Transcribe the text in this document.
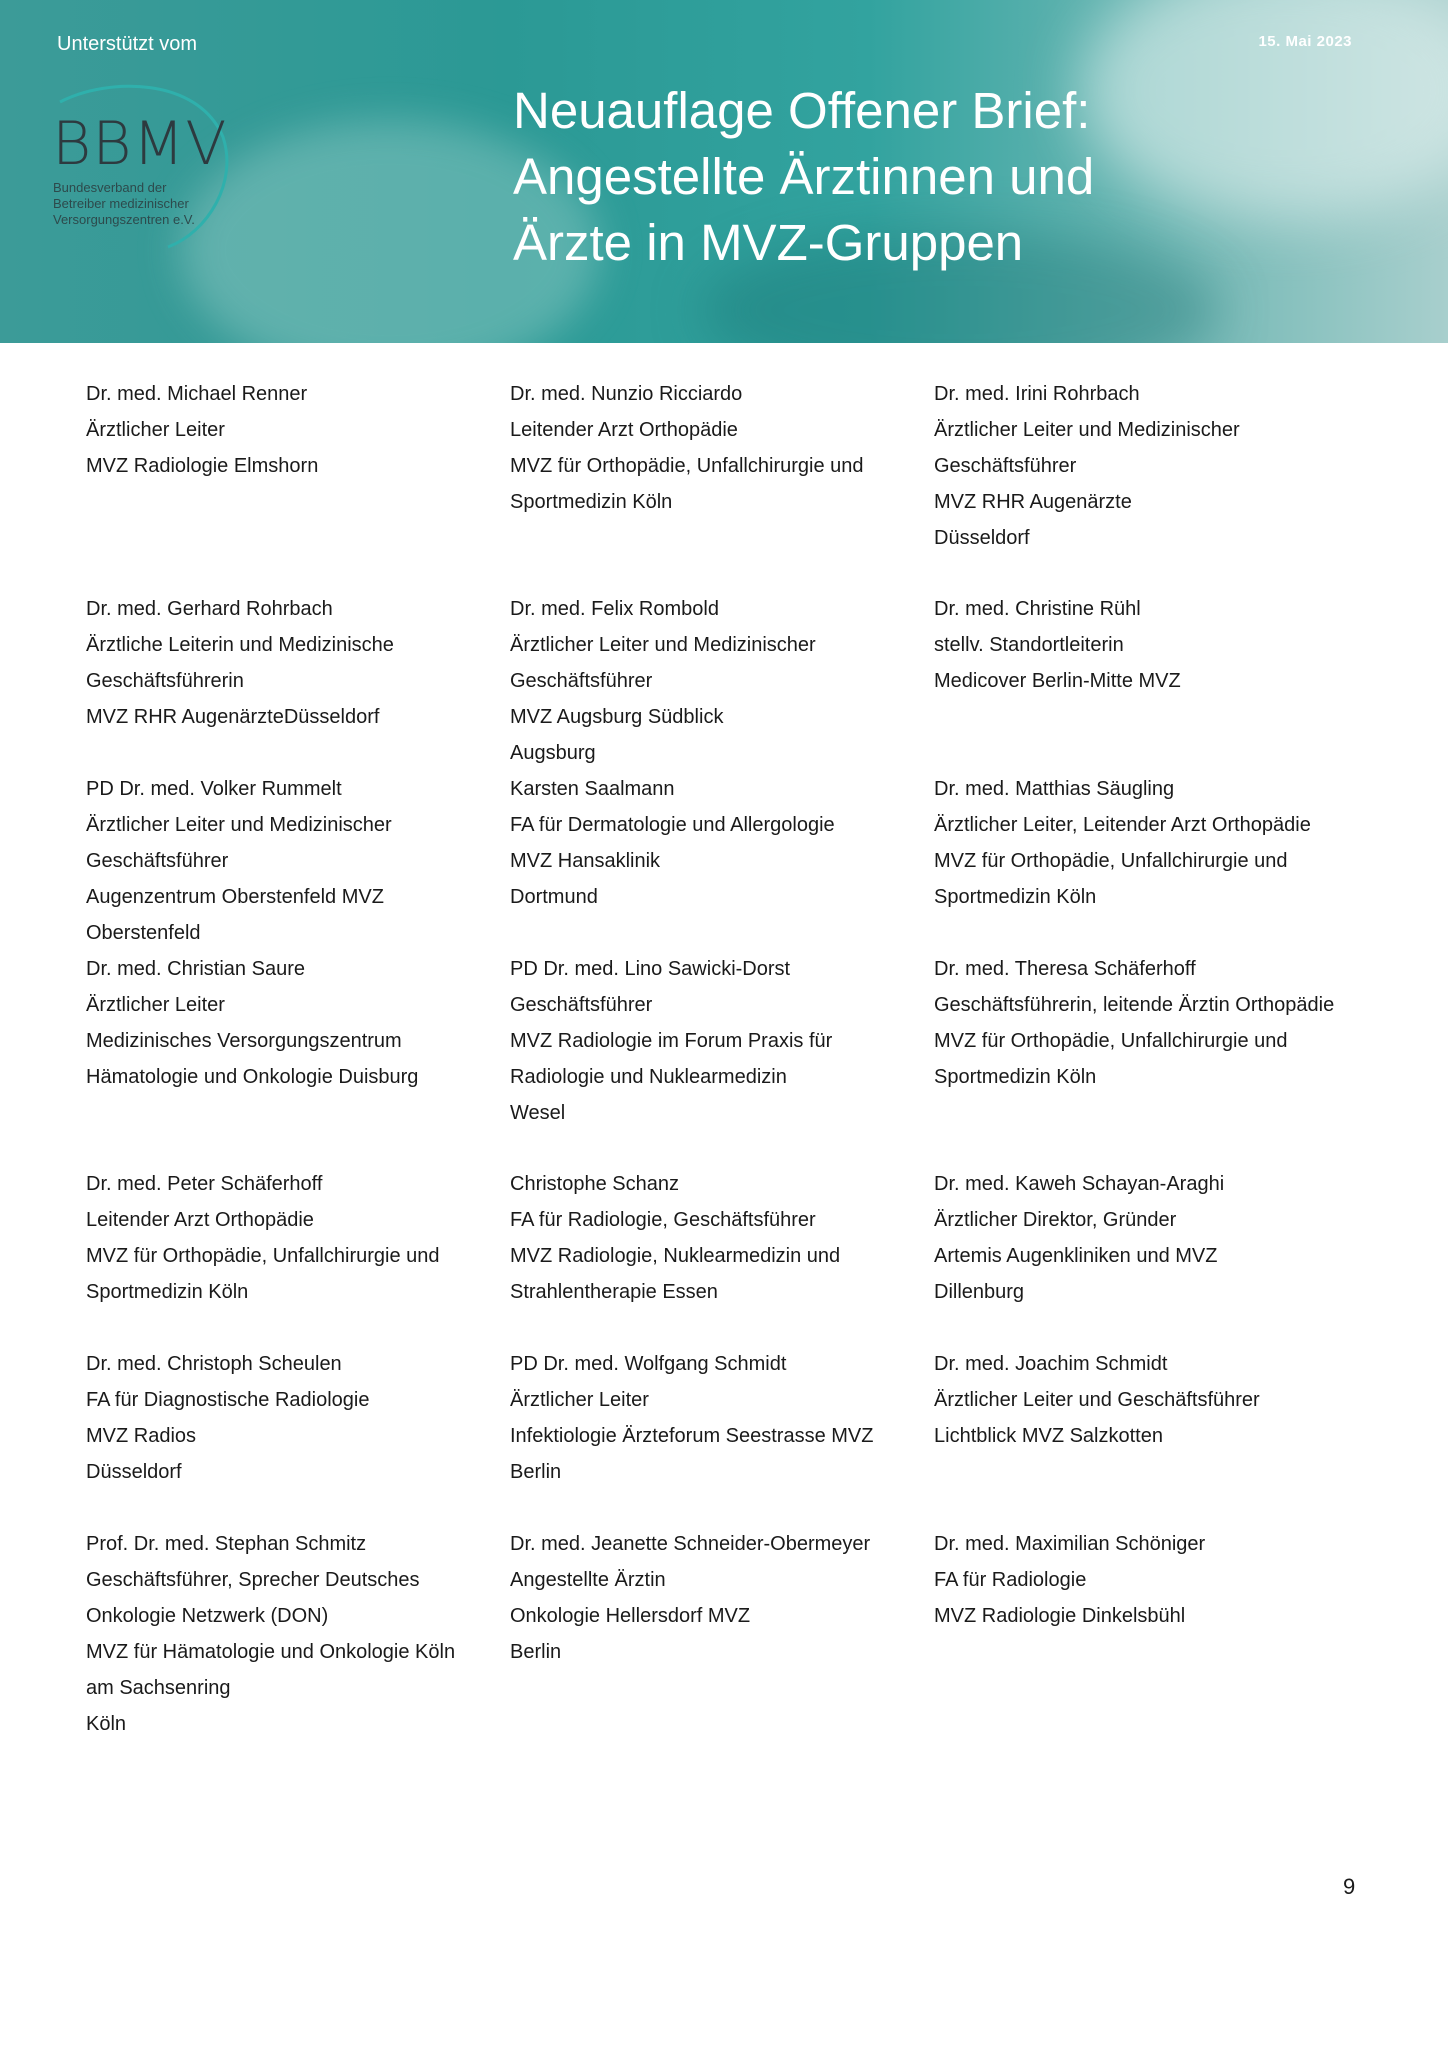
Unterstützt vom
BBMV
Bundesverband der
Betreiber medizinischer
Versorgungszentren e.V.
15. Mai 2023
Neuauflage Offener Brief:
Angestellte Ärztinnen und
Ärzte in MVZ-Gruppen
Dr. med. Michael Renner
Ärztlicher Leiter
MVZ Radiologie Elmshorn
Dr. med. Nunzio Ricciardo
Leitender Arzt Orthopädie
MVZ für Orthopädie, Unfallchirurgie und
Sportmedizin Köln
Dr. med. Irini Rohrbach
Ärztlicher Leiter und Medizinischer
Geschäftsführer
MVZ RHR Augenärzte
Düsseldorf
Dr. med. Gerhard Rohrbach
Ärztliche Leiterin und Medizinische
Geschäftsführerin
MVZ RHR AugenärzteDüsseldorf
Dr. med. Felix Rombold
Ärztlicher Leiter und Medizinischer
Geschäftsführer
MVZ Augsburg Südblick
Augsburg
Dr. med. Christine Rühl
stellv. Standortleiterin
Medicover Berlin-Mitte MVZ
PD Dr. med. Volker Rummelt
Ärztlicher Leiter und Medizinischer
Geschäftsführer
Augenzentrum Oberstenfeld MVZ
Oberstenfeld
Karsten Saalmann
FA für Dermatologie und Allergologie
MVZ Hansaklinik
Dortmund
Dr. med. Matthias Säugling
Ärztlicher Leiter, Leitender Arzt Orthopädie
MVZ für Orthopädie, Unfallchirurgie und
Sportmedizin Köln
Dr. med. Christian Saure
Ärztlicher Leiter
Medizinisches Versorgungszentrum
Hämatologie und Onkologie Duisburg
PD Dr. med. Lino Sawicki-Dorst
Geschäftsführer
MVZ Radiologie im Forum Praxis für
Radiologie und Nuklearmedizin
Wesel
Dr. med. Theresa Schäferhoff
Geschäftsführerin, leitende Ärztin Orthopädie
MVZ für Orthopädie, Unfallchirurgie und
Sportmedizin Köln
Dr. med. Peter Schäferhoff
Leitender Arzt Orthopädie
MVZ für Orthopädie, Unfallchirurgie und
Sportmedizin Köln
Christophe Schanz
FA für Radiologie, Geschäftsführer
MVZ Radiologie, Nuklearmedizin und
Strahlentherapie Essen
Dr. med. Kaweh Schayan-Araghi
Ärztlicher Direktor, Gründer
Artemis Augenkliniken und MVZ
Dillenburg
Dr. med. Christoph Scheulen
FA für Diagnostische Radiologie
MVZ Radios
Düsseldorf
PD Dr. med. Wolfgang Schmidt
Ärztlicher Leiter
Infektiologie Ärzteforum Seestrasse MVZ
Berlin
Dr. med. Joachim Schmidt
Ärztlicher Leiter und Geschäftsführer
Lichtblick MVZ Salzkotten
Prof. Dr. med. Stephan Schmitz
Geschäftsführer, Sprecher Deutsches
Onkologie Netzwerk (DON)
MVZ für Hämatologie und Onkologie Köln
am Sachsenring
Köln
Dr. med. Jeanette Schneider-Obermeyer
Angestellte Ärztin
Onkologie Hellersdorf MVZ
Berlin
Dr. med. Maximilian Schöniger
FA für Radiologie
MVZ Radiologie Dinkelsbühl
9
